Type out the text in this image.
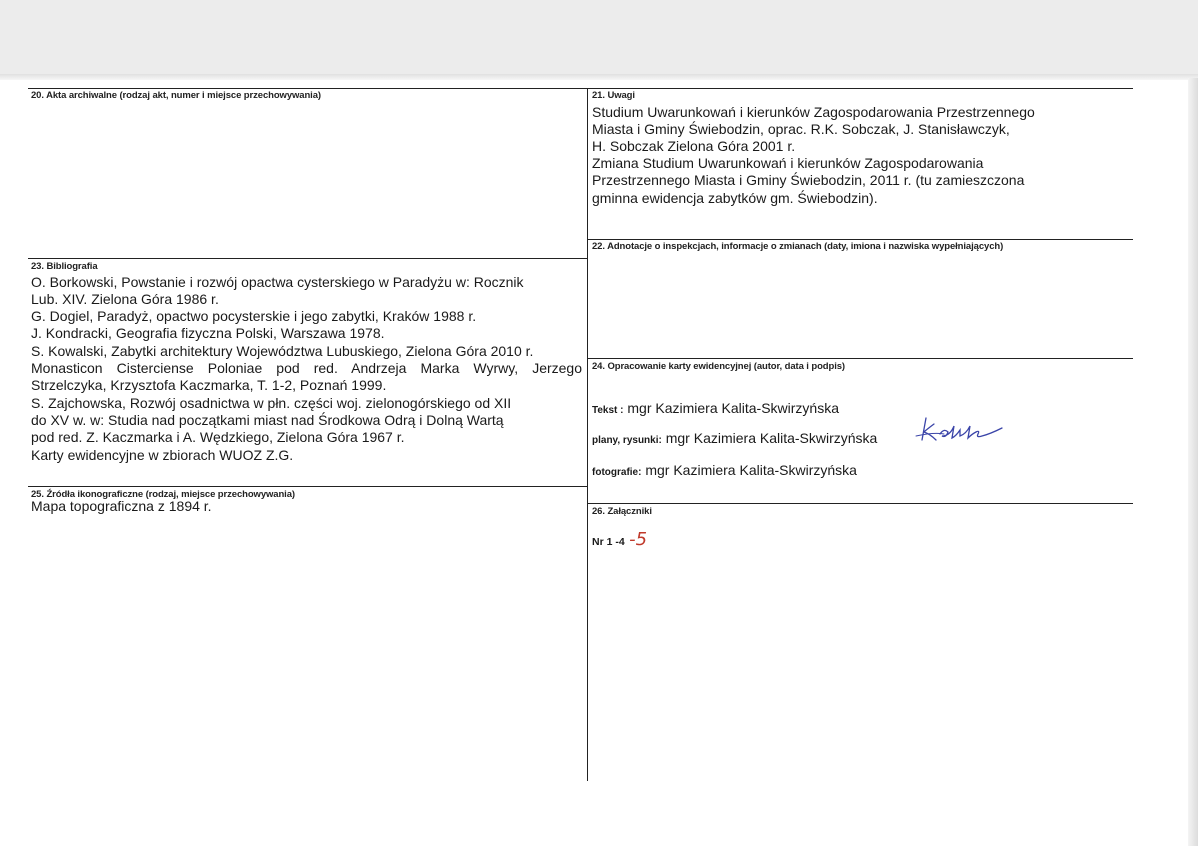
20. Akta archiwalne (rodzaj akt, numer i miejsce przechowywania)	21. Uwagi
Studium Uwarunkowań i kierunków Zagospodarowania Przestrzennego
Miasta i Gminy Świebodzin, oprac. R.K. Sobczak, J. Stanisławczyk,
H. Sobczak Zielona Góra 2001 r.
Zmiana Studium Uwarunkowań i kierunków Zagospodarowania
Przestrzennego Miasta i Gminy Świebodzin, 2011 r. (tu zamieszczona
gminna ewidencja zabytków gm. Świebodzin).
22. Adnotacje o inspekcjach, informacje o zmianach (daty, imiona i nazwiska wypełniających)
23. Bibliografia
O. Borkowski, Powstanie i rozwój opactwa cysterskiego w Paradyżu w: Rocznik
Lub. XIV. Zielona Góra 1986 r.
G. Dogiel, Paradyż, opactwo pocysterskie i jego zabytki, Kraków 1988 r.
J. Kondracki, Geografia fizyczna Polski, Warszawa 1978.
S. Kowalski, Zabytki architektury Województwa Lubuskiego, Zielona Góra 2010 r.
Monasticon Cisterciense Poloniae pod red. Andrzeja Marka Wyrwy, Jerzego
Strzelczyka, Krzysztofa Kaczmarka, T. 1-2, Poznań 1999.
S. Zajchowska, Rozwój osadnictwa w płn. części woj. zielonogórskiego od XII
do XV w. w: Studia nad początkami miast nad Środkowa Odrą i Dolną Wartą
pod red. Z. Kaczmarka i A. Wędzkiego, Zielona Góra 1967 r.
Karty ewidencyjne w zbiorach WUOZ Z.G.
24. Opracowanie karty ewidencyjnej (autor, data i podpis)
Tekst : mgr Kazimiera Kalita-Skwirzyńska
plany, rysunki: mgr Kazimiera Kalita-Skwirzyńska
fotografie: mgr Kazimiera Kalita-Skwirzyńska
25. Źródła ikonograficzne (rodzaj, miejsce przechowywania)
Mapa topograficzna z 1894 r.	26. Załączniki
Nr 1 -4 -5
